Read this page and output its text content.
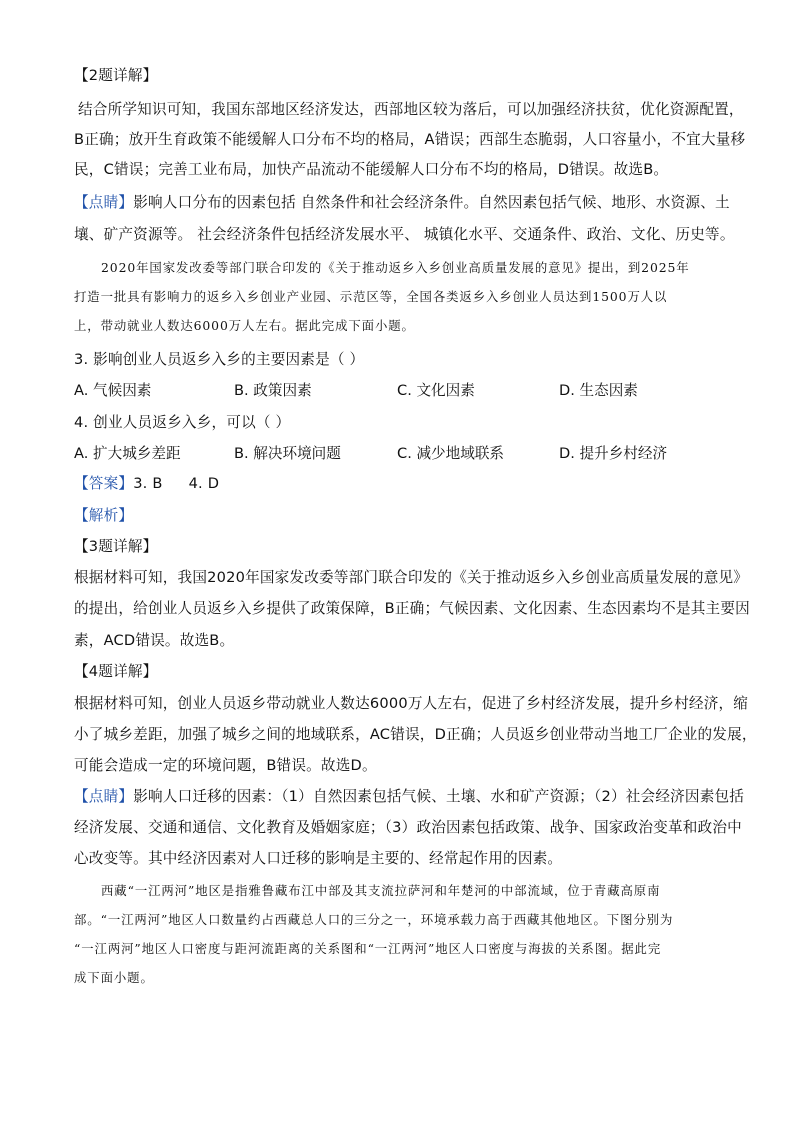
【2题详解】
结合所学知识可知，我国东部地区经济发达，西部地区较为落后，可以加强经济扶贫，优化资源配置，
B正确；放开生育政策不能缓解人口分布不均的格局，A错误；西部生态脆弱，人口容量小，不宜大量移
民，C错误；完善工业布局，加快产品流动不能缓解人口分布不均的格局，D错误。故选B。
【点睛】影响人口分布的因素包括 自然条件和社会经济条件。自然因素包括气候、地形、水资源、土
壤、矿产资源等。 社会经济条件包括经济发展水平、 城镇化水平、交通条件、政治、文化、历史等。
2020年国家发改委等部门联合印发的《关于推动返乡入乡创业高质量发展的意见》提出，到2025年
打造一批具有影响力的返乡入乡创业产业园、示范区等，全国各类返乡入乡创业人员达到1500万人以
上，带动就业人数达6000万人左右。据此完成下面小题。
3. 影响创业人员返乡入乡的主要因素是（ ）
A. 气候因素	B. 政策因素	C. 文化因素	D. 生态因素
4. 创业人员返乡入乡，可以（ ）
A. 扩大城乡差距	B. 解决环境问题	C. 减少地域联系	D. 提升乡村经济
【答案】3. B 4. D
【解析】
【3题详解】
根据材料可知，我国2020年国家发改委等部门联合印发的《关于推动返乡入乡创业高质量发展的意见》
的提出，给创业人员返乡入乡提供了政策保障，B正确；气候因素、文化因素、生态因素均不是其主要因
素，ACD错误。故选B。
【4题详解】
根据材料可知，创业人员返乡带动就业人数达6000万人左右，促进了乡村经济发展，提升乡村经济，缩
小了城乡差距，加强了城乡之间的地域联系，AC错误，D正确；人员返乡创业带动当地工厂企业的发展，
可能会造成一定的环境问题，B错误。故选D。
【点睛】影响人口迁移的因素：（1）自然因素包括气候、土壤、水和矿产资源；（2）社会经济因素包括
经济发展、交通和通信、文化教育及婚姻家庭；（3）政治因素包括政策、战争、国家政治变革和政治中
心改变等。其中经济因素对人口迁移的影响是主要的、经常起作用的因素。
西藏“一江两河”地区是指雅鲁藏布江中部及其支流拉萨河和年楚河的中部流域，位于青藏高原南
部。“一江两河”地区人口数量约占西藏总人口的三分之一，环境承载力高于西藏其他地区。下图分别为
“一江两河”地区人口密度与距河流距离的关系图和“一江两河”地区人口密度与海拔的关系图。据此完
成下面小题。
